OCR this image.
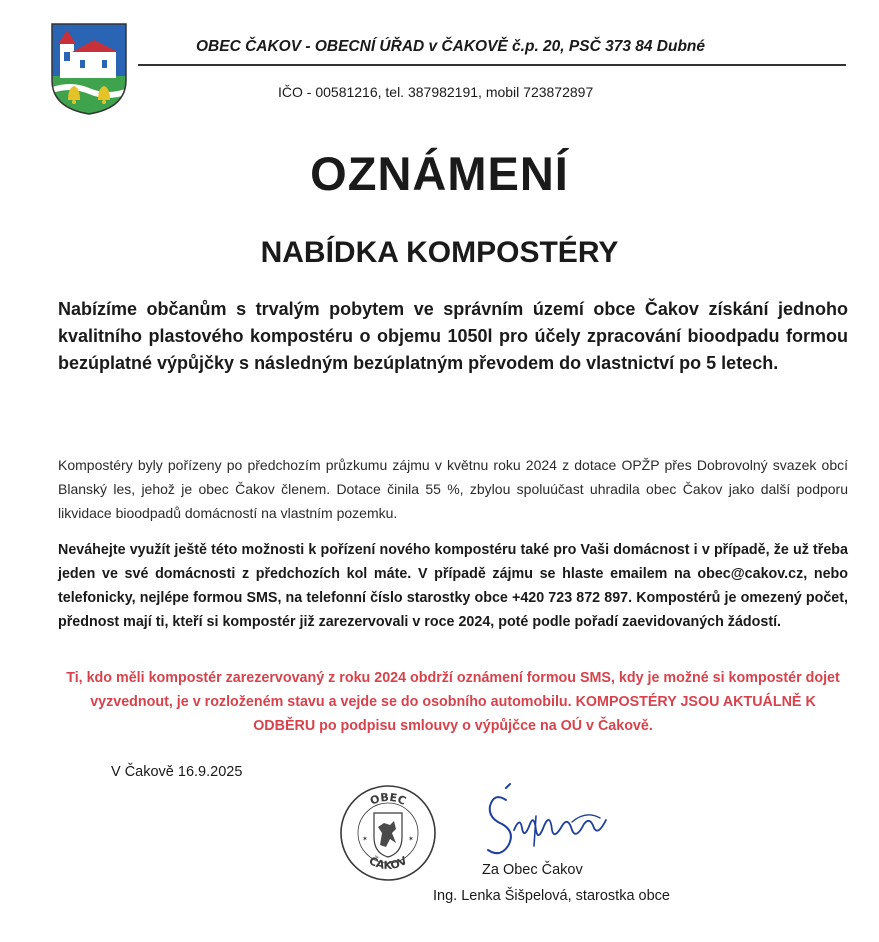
OBEC ČAKOV - OBECNÍ ÚŘAD v ČAKOVĚ č.p. 20, PSČ 373 84 Dubné
IČO - 00581216, tel. 387982191, mobil 723872897
OZNÁMENÍ
NABÍDKA KOMPOSTÉRY
Nabízíme občanům s trvalým pobytem ve správním území obce Čakov získání jednoho kvalitního plastového kompostéru o objemu 1050l pro účely zpracování bioodpadu formou bezúplatné výpůjčky s následným bezúplatným převodem do vlastnictví po 5 letech.
Kompostéry byly pořízeny po předchozím průzkumu zájmu v květnu roku 2024 z dotace OPŽP přes Dobrovolný svazek obcí Blanský les, jehož je obec Čakov členem. Dotace činila 55 %, zbylou spoluúčast uhradila obec Čakov jako další podporu likvidace bioodpadů domácností na vlastním pozemku.
Neváhejte využít ještě této možnosti k pořízení nového kompostéru také pro Vaši domácnost i v případě, že už třeba jeden ve své domácnosti z předchozích kol máte. V případě zájmu se hlaste emailem na obec@cakov.cz, nebo telefonicky, nejlépe formou SMS, na telefonní číslo starostky obce +420 723 872 897. Kompostérů je omezený počet, přednost mají ti, kteří si kompostér již zarezervovali v roce 2024, poté podle pořadí zaevidovaných žádostí.
Ti, kdo měli kompostér zarezervovaný z roku 2024 obdrží oznámení formou SMS, kdy je možné si kompostér dojet vyzvednout, je v rozloženém stavu a vejde se do osobního automobilu. KOMPOSTÉRY JSOU AKTUÁLNĚ K ODBĚRU po podpisu smlouvy o výpůjčce na OÚ v Čakově.
V Čakově 16.9.2025
OBEC
ČAKOV
✶	✶
Za Obec Čakov
Ing. Lenka Šišpelová, starostka obce
